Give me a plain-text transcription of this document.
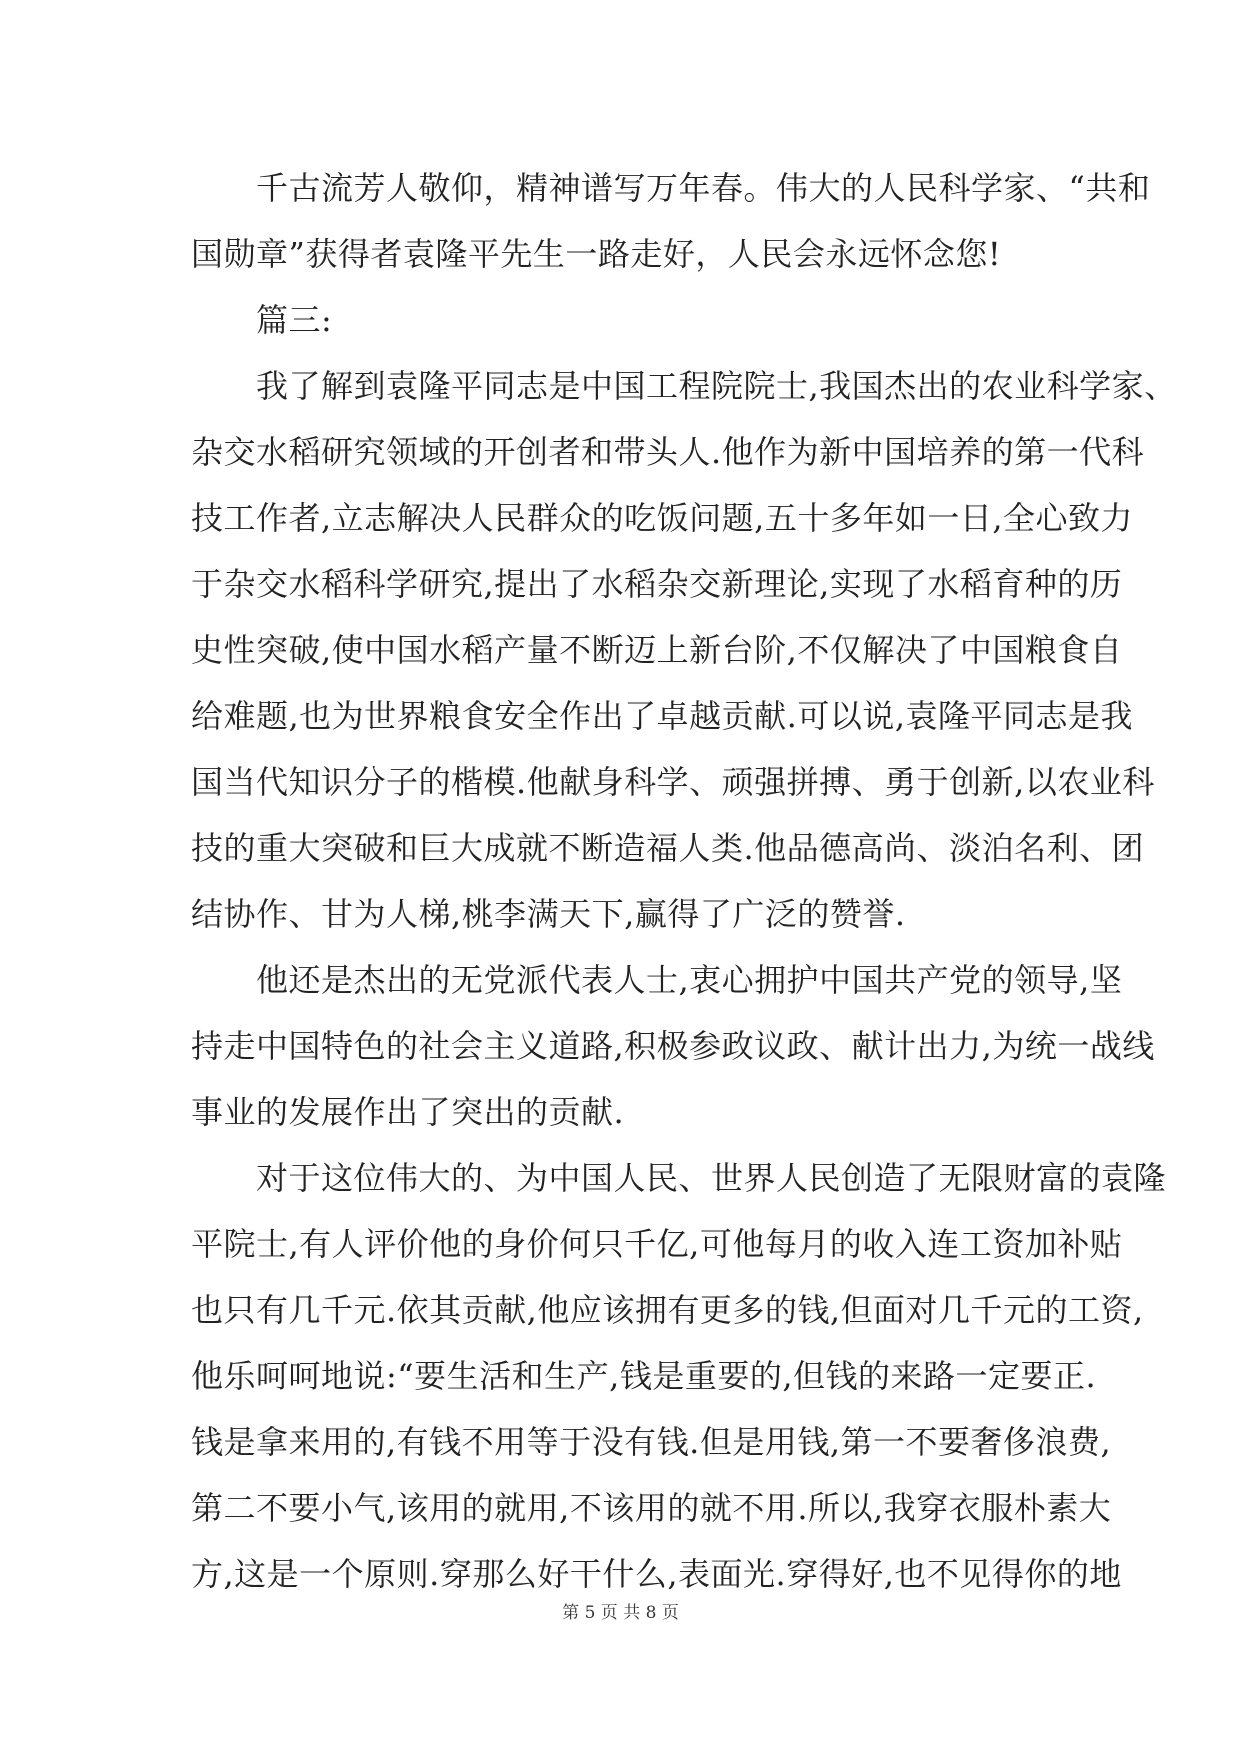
　　千古流芳人敬仰，精神谱写万年春。伟大的人民科学家、“共和
国勋章”获得者袁隆平先生一路走好，人民会永远怀念您!
　　篇三:
　　我了解到袁隆平同志是中国工程院院士,我国杰出的农业科学家、
杂交水稻研究领域的开创者和带头人.他作为新中国培养的第一代科
技工作者,立志解决人民群众的吃饭问题,五十多年如一日,全心致力
于杂交水稻科学研究,提出了水稻杂交新理论,实现了水稻育种的历
史性突破,使中国水稻产量不断迈上新台阶,不仅解决了中国粮食自
给难题,也为世界粮食安全作出了卓越贡献.可以说,袁隆平同志是我
国当代知识分子的楷模.他献身科学、顽强拼搏、勇于创新,以农业科
技的重大突破和巨大成就不断造福人类.他品德高尚、淡泊名利、团
结协作、甘为人梯,桃李满天下,赢得了广泛的赞誉.
　　他还是杰出的无党派代表人士,衷心拥护中国共产党的领导,坚
持走中国特色的社会主义道路,积极参政议政、献计出力,为统一战线
事业的发展作出了突出的贡献.
　　对于这位伟大的、为中国人民、世界人民创造了无限财富的袁隆
平院士,有人评价他的身价何只千亿,可他每月的收入连工资加补贴
也只有几千元.依其贡献,他应该拥有更多的钱,但面对几千元的工资,
他乐呵呵地说:“要生活和生产,钱是重要的,但钱的来路一定要正.
钱是拿来用的,有钱不用等于没有钱.但是用钱,第一不要奢侈浪费,
第二不要小气,该用的就用,不该用的就不用.所以,我穿衣服朴素大
方,这是一个原则.穿那么好干什么,表面光.穿得好,也不见得你的地
第 5 页 共 8 页
